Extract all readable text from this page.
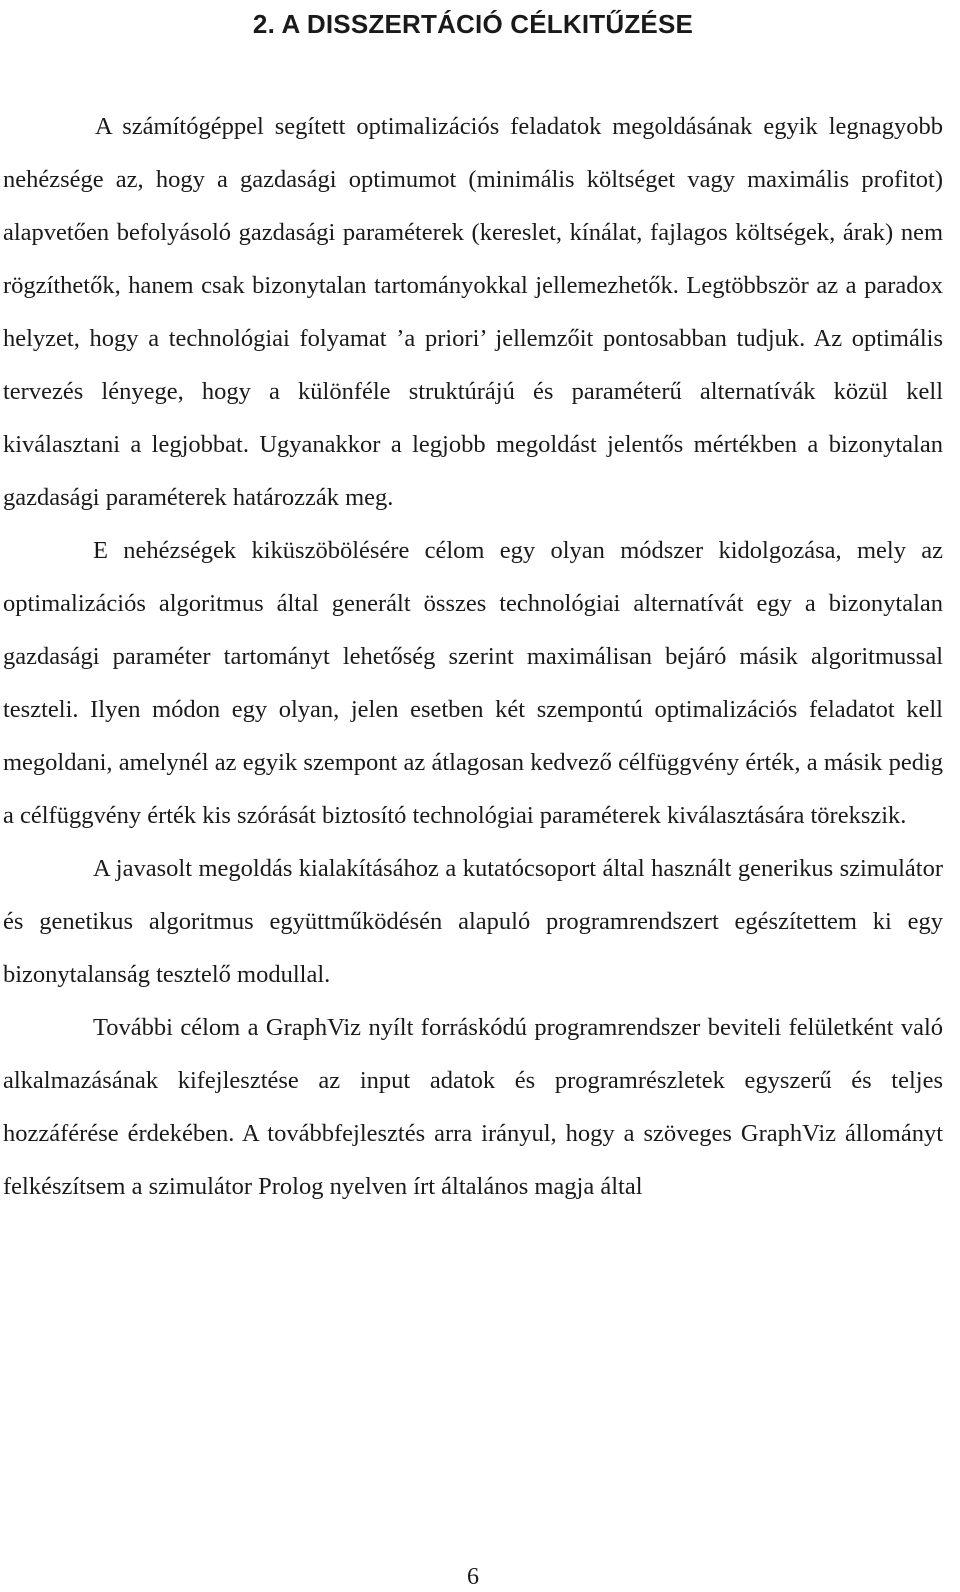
2. A DISSZERTÁCIÓ CÉLKITŰZÉSE

A számítógéppel segített optimalizációs feladatok megoldásának egyik legnagyobb nehézsége az, hogy a gazdasági optimumot (minimális költséget vagy maximális profitot) alapvetően befolyásoló gazdasági paraméterek (kereslet, kínálat, fajlagos költségek, árak) nem rögzíthetők, hanem csak bizonytalan tartományokkal jellemezhetők. Legtöbbször az a paradox helyzet, hogy a technológiai folyamat ’a priori’ jellemzőit pontosabban tudjuk. Az optimális tervezés lényege, hogy a különféle struktúrájú és paraméterű alternatívák közül kell kiválasztani a legjobbat. Ugyanakkor a legjobb megoldást jelentős mértékben a bizonytalan gazdasági paraméterek határozzák meg.

E nehézségek kiküszöbölésére célom egy olyan módszer kidolgozása, mely az optimalizációs algoritmus által generált összes technológiai alternatívát egy a bizonytalan gazdasági paraméter tartományt lehetőség szerint maximálisan bejáró másik algoritmussal teszteli. Ilyen módon egy olyan, jelen esetben két szempontú optimalizációs feladatot kell megoldani, amelynél az egyik szempont az átlagosan kedvező célfüggvény érték, a másik pedig a célfüggvény érték kis szórását biztosító technológiai paraméterek kiválasztására törekszik.

A javasolt megoldás kialakításához a kutatócsoport által használt generikus szimulátor és genetikus algoritmus együttműködésén alapuló programrendszert egészítettem ki egy bizonytalanság tesztelő modullal.

További célom a GraphViz nyílt forráskódú programrendszer beviteli felületként való alkalmazásának kifejlesztése az input adatok és programrészletek egyszerű és teljes hozzáférése érdekében. A továbbfejlesztés arra irányul, hogy a szöveges GraphViz állományt felkészítsem a szimulátor Prolog nyelven írt általános magja által

6
